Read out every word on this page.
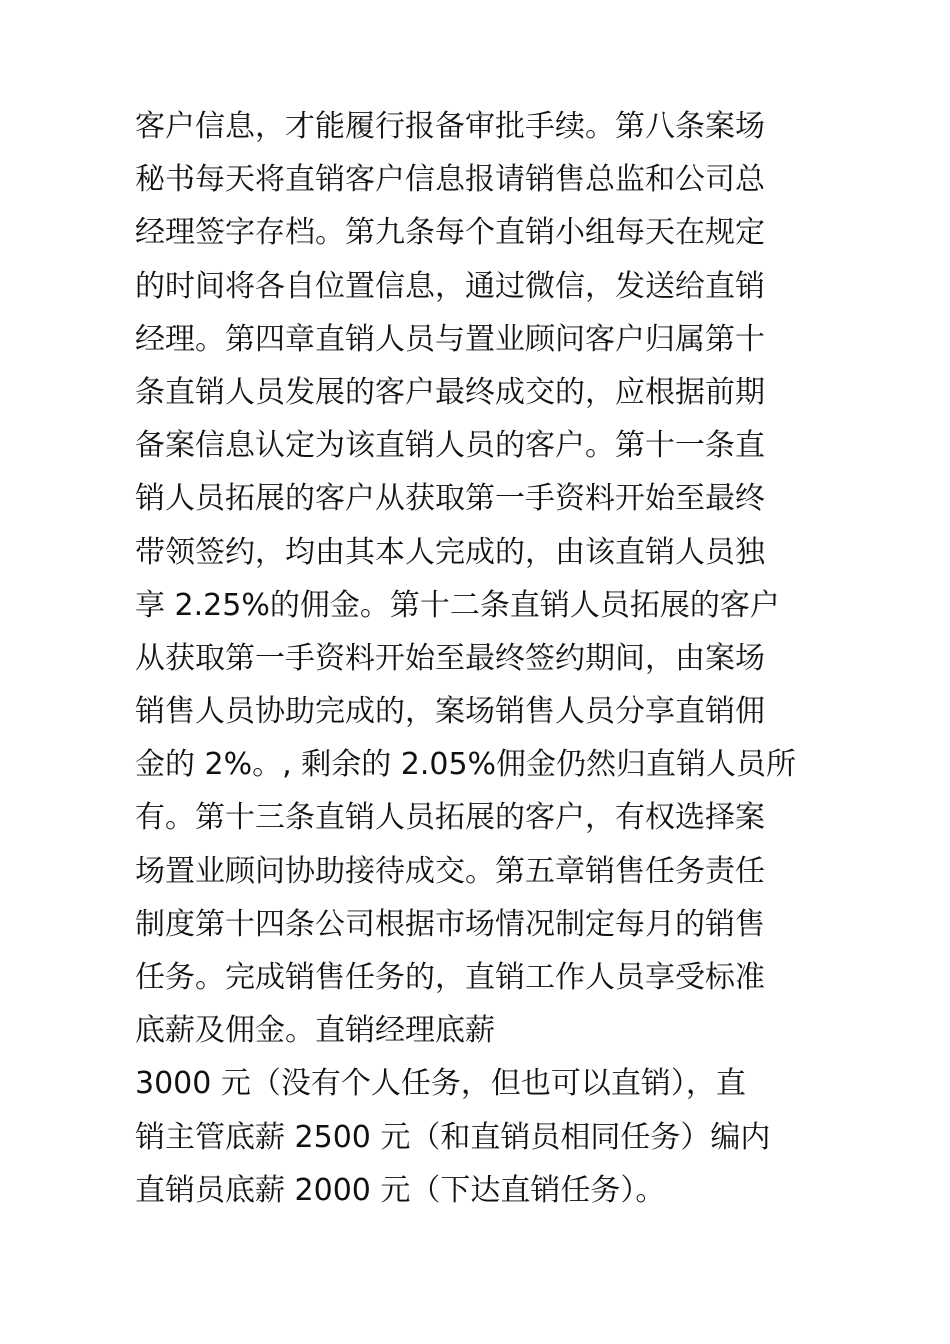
客户信息，才能履行报备审批手续。第八条案场
秘书每天将直销客户信息报请销售总监和公司总
经理签字存档。第九条每个直销小组每天在规定
的时间将各自位置信息，通过微信，发送给直销
经理。第四章直销人员与置业顾问客户归属第十
条直销人员发展的客户最终成交的，应根据前期
备案信息认定为该直销人员的客户。第十一条直
销人员拓展的客户从获取第一手资料开始至最终
带领签约，均由其本人完成的，由该直销人员独
享 2.25%的佣金。第十二条直销人员拓展的客户
从获取第一手资料开始至最终签约期间，由案场
销售人员协助完成的，案场销售人员分享直销佣
金的 2%。, 剩余的 2.05%佣金仍然归直销人员所
有。第十三条直销人员拓展的客户，有权选择案
场置业顾问协助接待成交。第五章销售任务责任
制度第十四条公司根据市场情况制定每月的销售
任务。完成销售任务的，直销工作人员享受标准
底薪及佣金。直销经理底薪
3000 元（没有个人任务，但也可以直销），直
销主管底薪 2500 元（和直销员相同任务）编内
直销员底薪 2000 元（下达直销任务）。
